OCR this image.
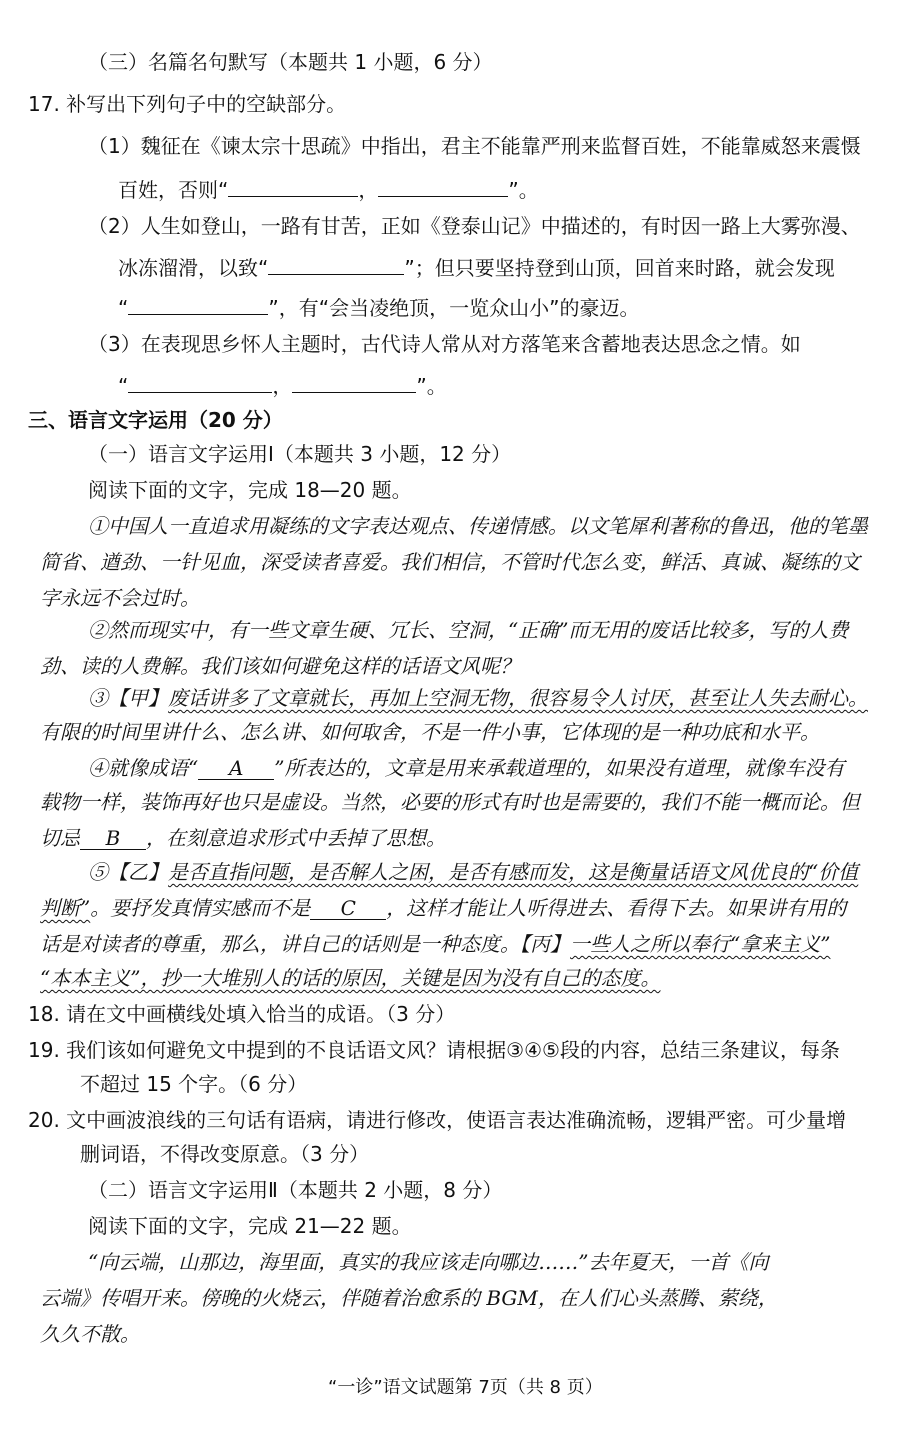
（三）名篇名句默写（本题共 1 小题，6 分）
17. 补写出下列句子中的空缺部分。
（1）魏征在《谏太宗十思疏》中指出，君主不能靠严刑来监督百姓，不能靠威怒来震慑
百姓，否则“	，	”。
（2）人生如登山，一路有甘苦，正如《登泰山记》中描述的，有时因一路上大雾弥漫、
冰冻溜滑，以致“	”；但只要坚持登到山顶，回首来时路，就会发现
“	”，有“会当凌绝顶，一览众山小”的豪迈。
（3）在表现思乡怀人主题时，古代诗人常从对方落笔来含蓄地表达思念之情。如
“	，	”。
三、语言文字运用（20 分）
（一）语言文字运用Ⅰ（本题共 3 小题，12 分）
阅读下面的文字，完成 18—20 题。
①中国人一直追求用凝练的文字表达观点、传递情感。以文笔犀利著称的鲁迅，他的笔墨
简省、遒劲、一针见血，深受读者喜爱。我们相信，不管时代怎么变，鲜活、真诚、凝练的文
字永远不会过时。
②然而现实中，有一些文章生硬、冗长、空洞，“正确”而无用的废话比较多，写的人费
劲、读的人费解。我们该如何避免这样的话语文风呢？
③【甲】废话讲多了文章就长，再加上空洞无物，很容易令人讨厌，甚至让人失去耐心。
有限的时间里讲什么、怎么讲、如何取舍，不是一件小事，它体现的是一种功底和水平。
④就像成语“ A ”所表达的，文章是用来承载道理的，如果没有道理，就像车没有
载物一样，装饰再好也只是虚设。当然，必要的形式有时也是需要的，我们不能一概而论。但
切忌 B ，在刻意追求形式中丢掉了思想。
⑤【乙】是否直指问题，是否解人之困，是否有感而发，这是衡量话语文风优良的“价值
判断”。要抒发真情实感而不是 C ，这样才能让人听得进去、看得下去。如果讲有用的
话是对读者的尊重，那么，讲自己的话则是一种态度。【丙】一些人之所以奉行“拿来主义”
“本本主义”，抄一大堆别人的话的原因，关键是因为没有自己的态度。
18. 请在文中画横线处填入恰当的成语。（3 分）
19. 我们该如何避免文中提到的不良话语文风？请根据③④⑤段的内容，总结三条建议，每条
不超过 15 个字。（6 分）
20. 文中画波浪线的三句话有语病，请进行修改，使语言表达准确流畅，逻辑严密。可少量增
删词语，不得改变原意。（3 分）
（二）语言文字运用Ⅱ（本题共 2 小题，8 分）
阅读下面的文字，完成 21—22 题。
“向云端，山那边，海里面，真实的我应该走向哪边……”去年夏天，一首《向
云端》传唱开来。傍晚的火烧云，伴随着治愈系的 BGM，在人们心头蒸腾、萦绕，
久久不散。
“一诊”语文试题第 7页（共 8 页）
